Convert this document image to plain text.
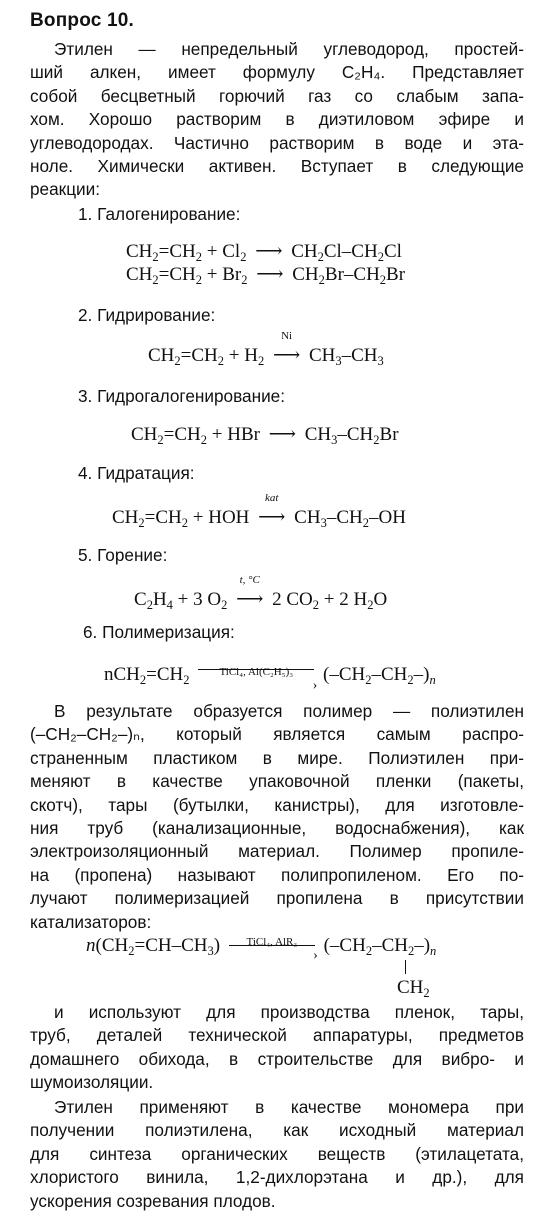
Вопрос 10.
Этилен — непредельный углеводород, простей-
ший алкен, имеет формулу C₂H₄. Представляет
собой бесцветный горючий газ со слабым запа-
хом. Хорошо растворим в диэтиловом эфире и
углеводородах. Частично растворим в воде и эта-
ноле. Химически активен. Вступает в следующие
реакции:
1. Галогенирование:
$CH_2=CH_2 + Cl_2$ ⟶ $CH_2Cl-CH_2Cl$
$CH_2=CH_2 + Br_2$ ⟶ $CH_2Br-CH_2Br$
2. Гидрирование:
$CH_2=CH_2 + H_2$
Ni
⟶ $CH_3-CH_3$
3. Гидрогалогенирование:
$CH_2=CH_2$ + HBr ⟶ $CH_3-CH_2Br$
4. Гидратация:
$CH_2=CH_2$ + HOH
kat
⟶ $CH_3-CH_2-OH$
5. Горение:
$C_2H_4 + 3$ $O_2$
t, °C
⟶ 2 $CO_2 + 2$ $H_2O$
6. Полимеризация:
$nCH_2=CH_2$
TiCl₄, Al(C₂H₅)₃
›
$(-CH_2-CH_2-)_n$
В результате образуется полимер — полиэтилен
(–CH₂–CH₂–)ₙ, который является самым распро-
страненным пластиком в мире. Полиэтилен при-
меняют в качестве упаковочной пленки (пакеты,
скотч), тары (бутылки, канистры), для изготовле-
ния труб (канализационные, водоснабжения), как
электроизоляционный материал. Полимер пропиле-
на (пропена) называют полипропиленом. Его по-
лучают полимеризацией пропилена в присутствии
катализаторов:
$n(CH_2=CH-CH_3)$	TiCl₄, AlR₃
› $(-CH_2-CH_2-)_n$
$CH_2$
и используют для производства пленок, тары,
труб, деталей технической аппаратуры, предметов
домашнего обихода, в строительстве для вибро- и
шумоизоляции.
Этилен применяют в качестве мономера при
получении полиэтилена, как исходный материал
для синтеза органических веществ (этилацетата,
хлористого винила, 1,2-дихлорэтана и др.), для
ускорения созревания плодов.
